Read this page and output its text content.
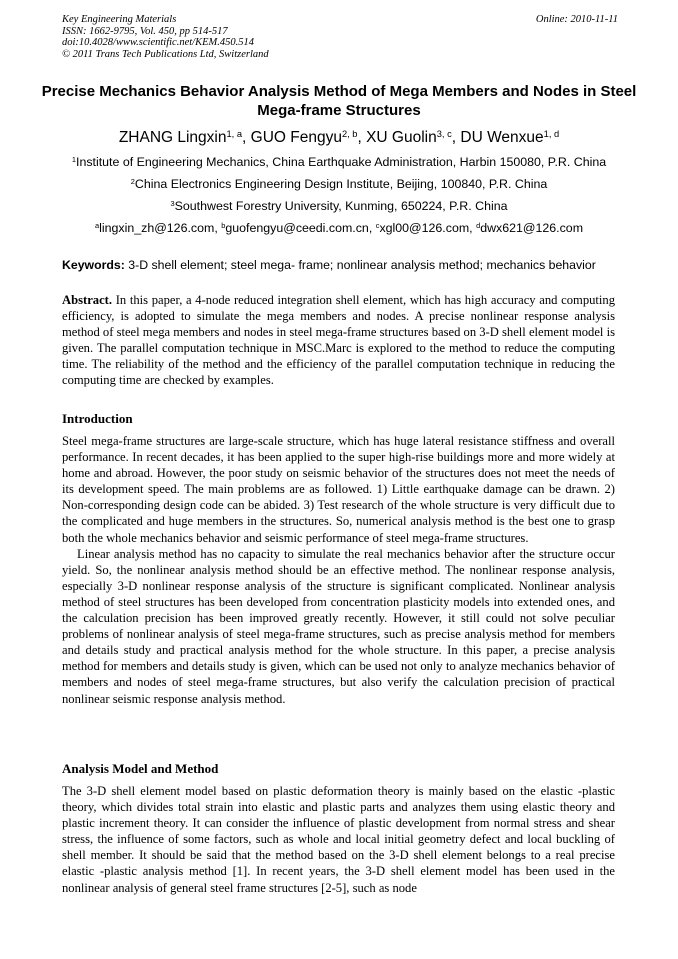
Key Engineering Materials
ISSN: 1662-9795, Vol. 450, pp 514-517
doi:10.4028/www.scientific.net/KEM.450.514
© 2011 Trans Tech Publications Ltd, Switzerland
Online: 2010-11-11
Precise Mechanics Behavior Analysis Method of Mega Members and Nodes in Steel Mega-frame Structures
ZHANG Lingxin$^{1, a}$, GUO Fengyu$^{2, b}$, XU Guolin$^{3, c}$, DU Wenxue$^{1, d}$
$^1$Institute of Engineering Mechanics, China Earthquake Administration, Harbin 150080, P.R. China
$^2$China Electronics Engineering Design Institute, Beijing, 100840, P.R. China
$^3$Southwest Forestry University, Kunming, 650224, P.R. China
$^a$lingxin_zh@126.com, $^b$guofengyu@ceedi.com.cn, $^c$xgl00@126.com, $^d$dwx621@126.com
Keywords: 3-D shell element; steel mega- frame; nonlinear analysis method; mechanics behavior

Abstract. In this paper, a 4-node reduced integration shell element, which has high accuracy and computing efficiency, is adopted to simulate the mega members and nodes. A precise nonlinear response analysis method of steel mega members and nodes in steel mega-frame structures based on 3-D shell element model is given. The parallel computation technique in MSC.Marc is explored to the method to reduce the computing time. The reliability of the method and the efficiency of the parallel computation technique in reducing the computing time are checked by examples.

Introduction

Steel mega-frame structures are large-scale structure, which has huge lateral resistance stiffness and overall performance. In recent decades, it has been applied to the super high-rise buildings more and more widely at home and abroad. However, the poor study on seismic behavior of the structures does not meet the needs of its development speed. The main problems are as followed. 1) Little earthquake damage can be drawn. 2) Non-corresponding design code can be abided. 3) Test research of the whole structure is very difficult due to the complicated and huge members in the structures. So, numerical analysis method is the best one to grasp both the whole mechanics behavior and seismic performance of steel mega-frame structures.

Linear analysis method has no capacity to simulate the real mechanics behavior after the structure occur yield. So, the nonlinear analysis method should be an effective method. The nonlinear response analysis, especially 3-D nonlinear response analysis of the structure is significant complicated. Nonlinear analysis method of steel structures has been developed from concentration plasticity models into extended ones, and the calculation precision has been improved greatly recently. However, it still could not solve peculiar problems of nonlinear analysis of steel mega-frame structures, such as precise analysis method for members and details study and practical analysis method for the whole structure. In this paper, a precise analysis method for members and details study is given, which can be used not only to analyze mechanics behavior of members and nodes of steel mega-frame structures, but also verify the calculation precision of practical nonlinear seismic response analysis method.

Analysis Model and Method

The 3-D shell element model based on plastic deformation theory is mainly based on the elastic -plastic theory, which divides total strain into elastic and plastic parts and analyzes them using elastic theory and plastic increment theory. It can consider the influence of plastic development from normal stress and shear stress, the influence of some factors, such as whole and local initial geometry defect and local buckling of shell member. It should be said that the method based on the 3-D shell element belongs to a real precise elastic -plastic analysis method [1]. In recent years, the 3-D shell element model has been used in the nonlinear analysis of general steel frame structures [2-5], such as node
